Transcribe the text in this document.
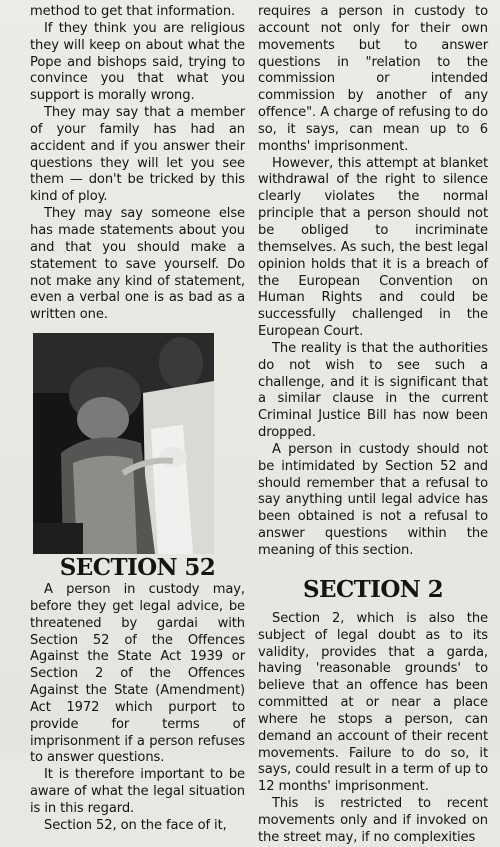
method to get that information.

If they think you are religious they will keep on about what the Pope and bishops said, trying to convince you that what you support is morally wrong.

They may say that a member of your family has had an accident and if you answer their questions they will let you see them — don't be tricked by this kind of ploy.

They may say someone else has made statements about you and that you should make a statement to save yourself. Do not make any kind of statement, even a verbal one is as bad as a written one.

SECTION 52

A person in custody may, before they get legal advice, be threatened by gardai with Section 52 of the Offences Against the State Act 1939 or Section 2 of the Offences Against the State (Amendment) Act 1972 which purport to provide for terms of imprisonment if a person refuses to answer questions.

It is therefore important to be aware of what the legal situation is in this regard.

Section 52, on the face of it,

requires a person in custody to account not only for their own movements but to answer questions in "relation to the commission or intended commission by another of any offence". A charge of refusing to do so, it says, can mean up to 6 months' imprisonment.

However, this attempt at blanket withdrawal of the right to silence clearly violates the normal principle that a person should not be obliged to incriminate themselves. As such, the best legal opinion holds that it is a breach of the European Convention on Human Rights and could be successfully challenged in the European Court.

The reality is that the authorities do not wish to see such a challenge, and it is significant that a similar clause in the current Criminal Justice Bill has now been dropped.

A person in custody should not be intimidated by Section 52 and should remember that a refusal to say anything until legal advice has been obtained is not a refusal to answer questions within the meaning of this section.

SECTION 2

Section 2, which is also the subject of legal doubt as to its validity, provides that a garda, having 'reasonable grounds' to believe that an offence has been committed at or near a place where he stops a person, can demand an account of their recent movements. Failure to do so, it says, could result in a term of up to 12 months' imprisonment.

This is restricted to recent movements only and if invoked on the street may, if no complexities
